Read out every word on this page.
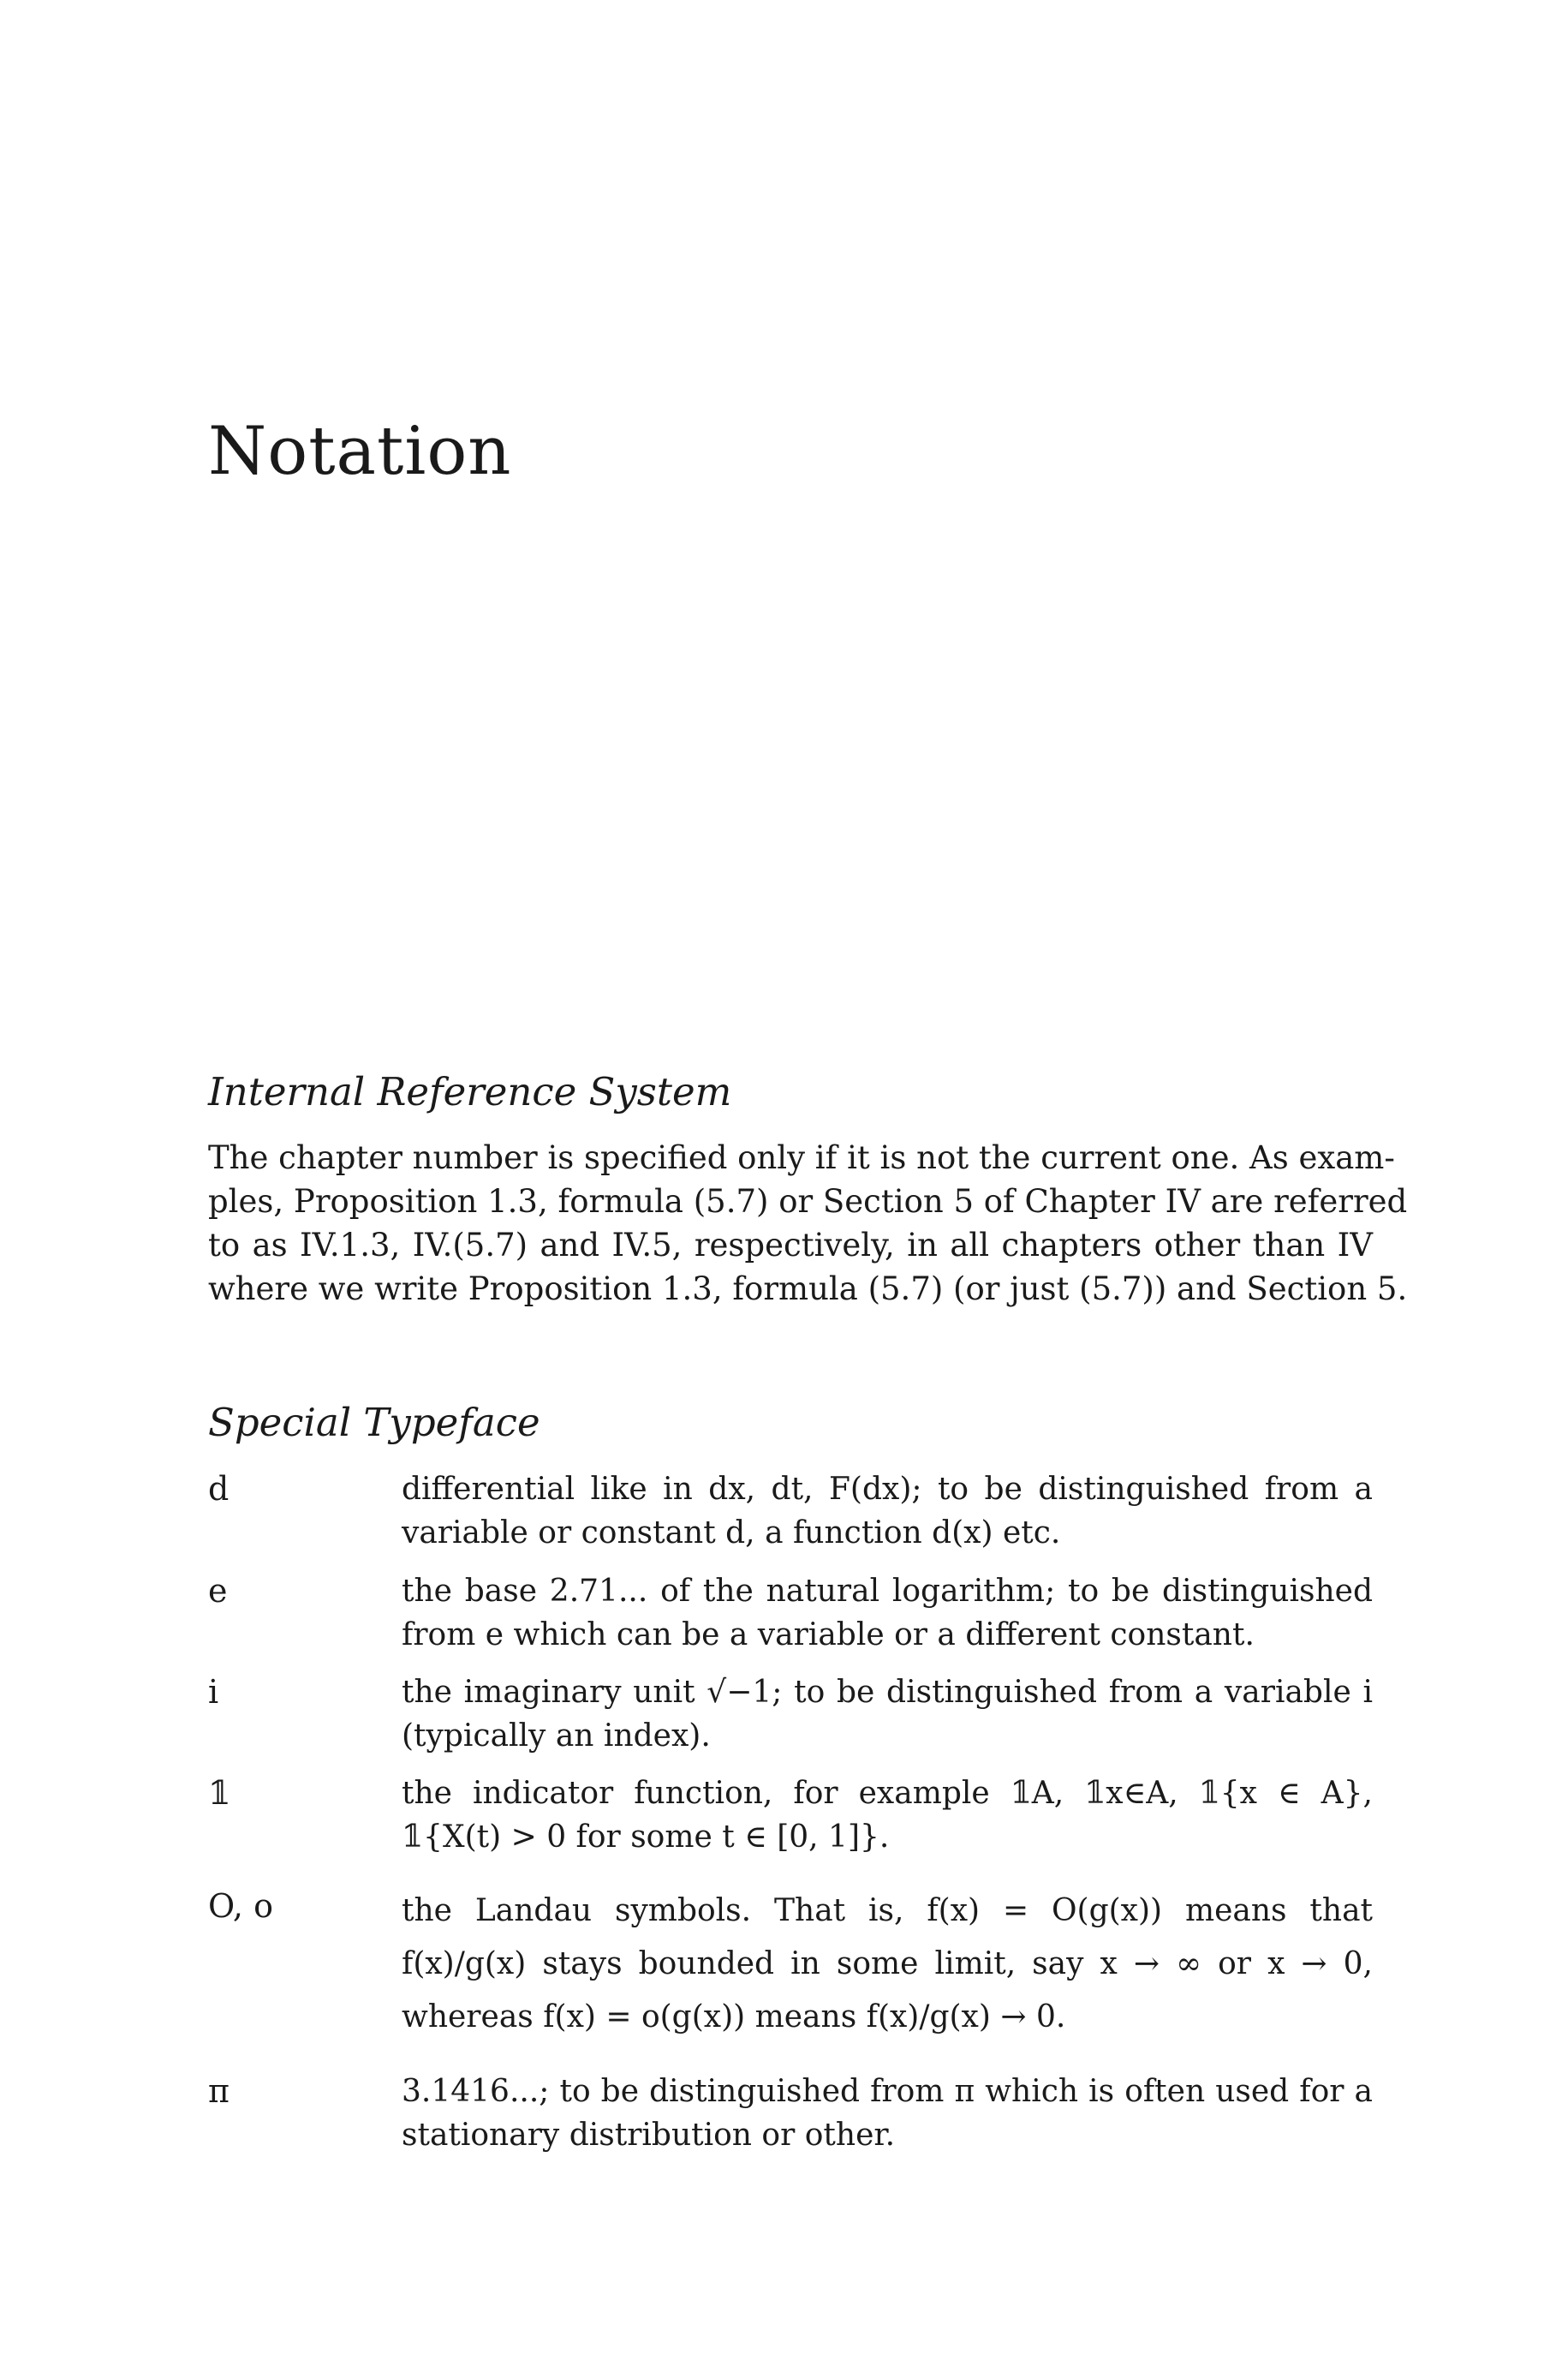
Notation
Internal Reference System

The chapter number is specified only if it is not the current one. As exam-
ples, Proposition 1.3, formula (5.7) or Section 5 of Chapter IV are referred
to as IV.1.3, IV.(5.7) and IV.5, respectively, in all chapters other than IV
where we write Proposition 1.3, formula (5.7) (or just (5.7)) and Section 5.

Special Typeface
d	differential like in dx, dt, F(dx); to be distinguished from a
variable or constant d, a function d(x) etc.
e	the base 2.71... of the natural logarithm; to be distinguished
from e which can be a variable or a different constant.
i	the imaginary unit √−1; to be distinguished from a variable i
(typically an index).
𝟙	the indicator function, for example 𝟙A, 𝟙x∈A, 𝟙{x ∈ A},
𝟙{X(t) > 0 for some t ∈ [0, 1]}.
O, o	the Landau symbols. That is, f(x) = O(g(x)) means that
f(x)/g(x) stays bounded in some limit, say x → ∞ or x → 0,
whereas f(x) = o(g(x)) means f(x)/g(x) → 0.
π	3.1416...; to be distinguished from π which is often used for a
stationary distribution or other.
